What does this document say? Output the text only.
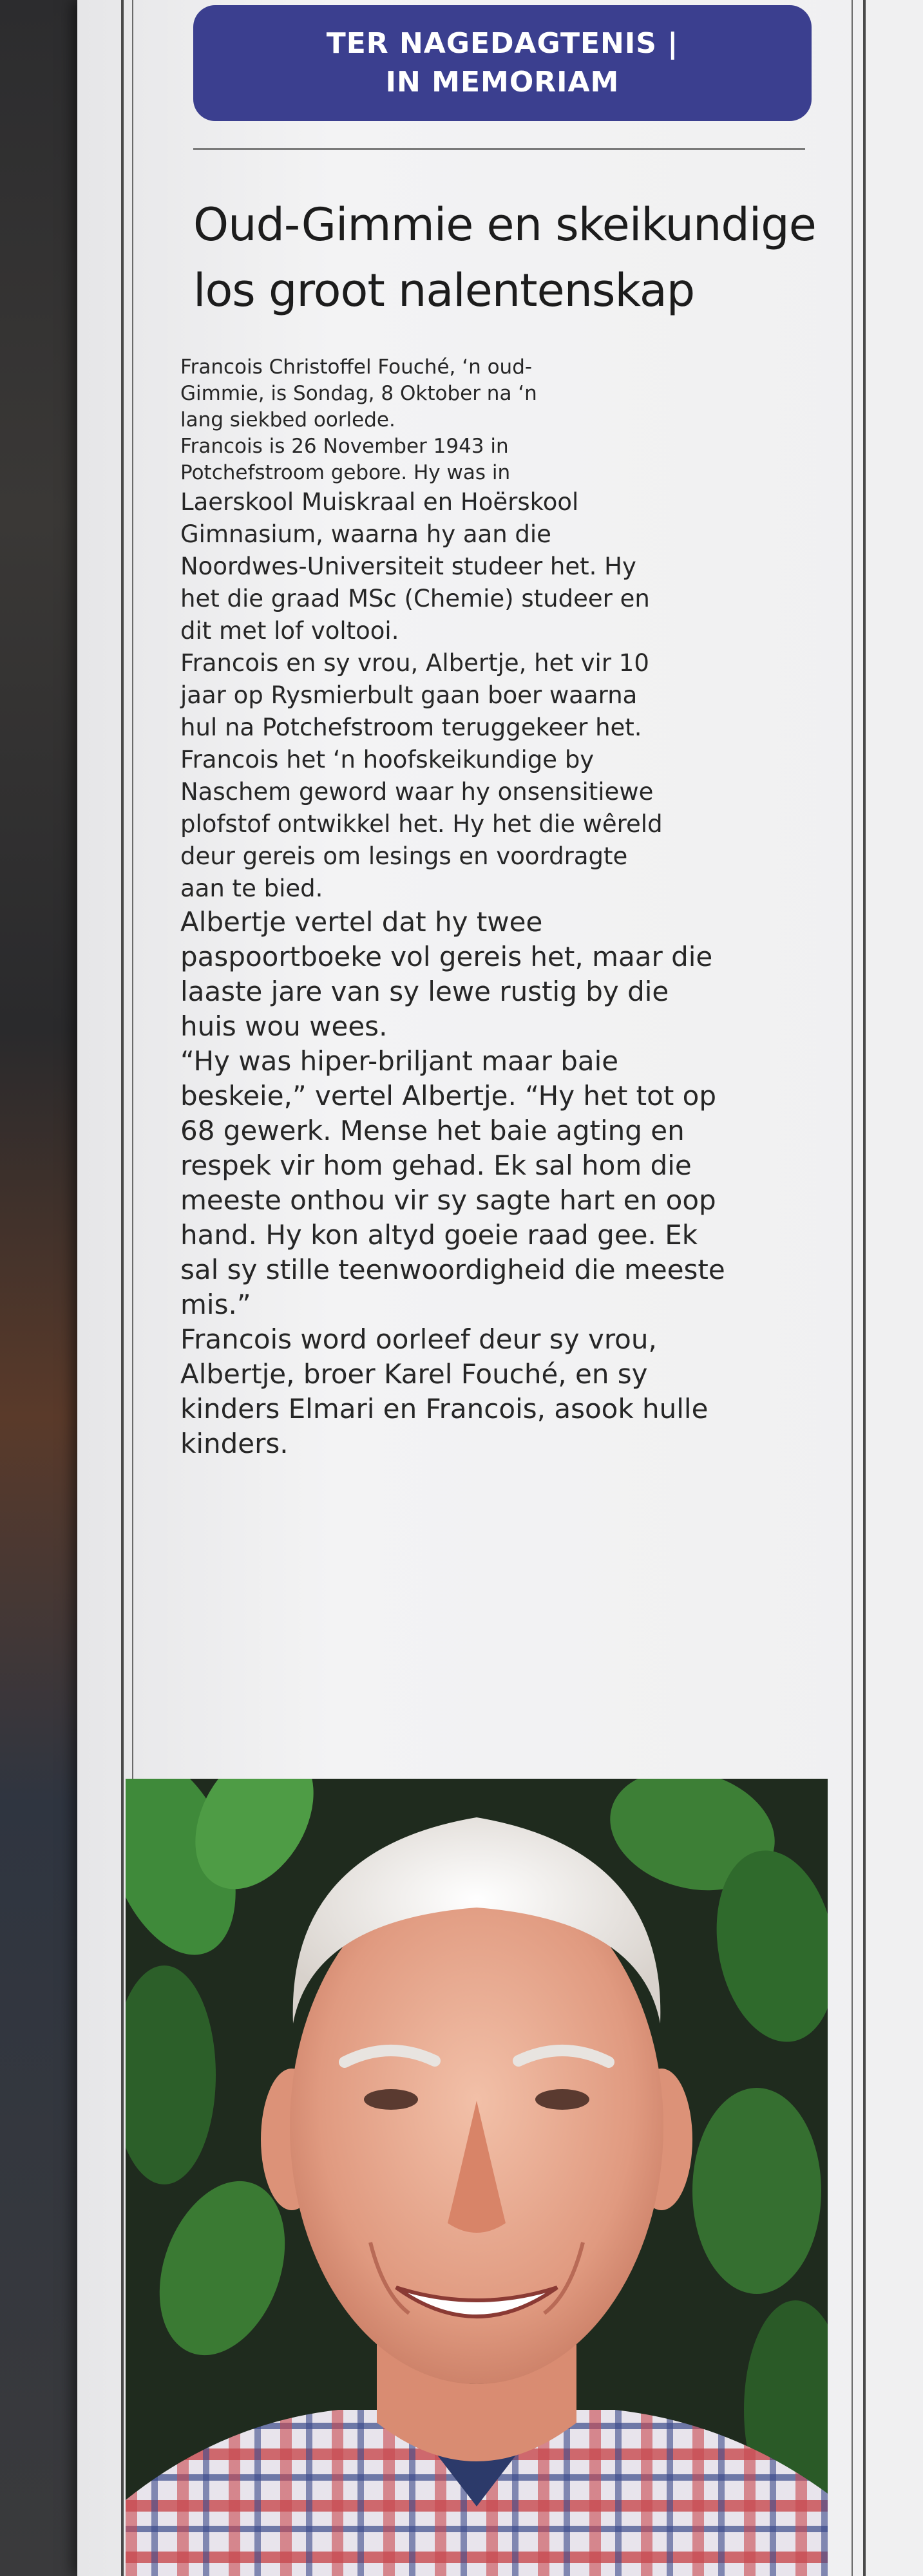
TER NAGEDAGTENIS |
IN MEMORIAM
Oud-Gimmie en skeikundige
los groot nalentenskap
Francois Christoffel Fouché, ‘n oud-
Gimmie, is Sondag, 8 Oktober na ‘n
lang siekbed oorlede.
Francois is 26 November 1943 in
Potchefstroom gebore. Hy was in
Laerskool Muiskraal en Hoërskool
Gimnasium, waarna hy aan die
Noordwes-Universiteit studeer het. Hy
het die graad MSc (Chemie) studeer en
dit met lof voltooi.
Francois en sy vrou, Albertje, het vir 10
jaar op Rysmierbult gaan boer waarna
hul na Potchefstroom teruggekeer het.
Francois het ‘n hoofskeikundige by
Naschem geword waar hy onsensitiewe
plofstof ontwikkel het. Hy het die wêreld
deur gereis om lesings en voordragte
aan te bied.
Albertje vertel dat hy twee
paspoortboeke vol gereis het, maar die
laaste jare van sy lewe rustig by die
huis wou wees.
“Hy was hiper-briljant maar baie
beskeie,” vertel Albertje. “Hy het tot op
68 gewerk. Mense het baie agting en
respek vir hom gehad. Ek sal hom die
meeste onthou vir sy sagte hart en oop
hand. Hy kon altyd goeie raad gee. Ek
sal sy stille teenwoordigheid die meeste
mis.”
Francois word oorleef deur sy vrou,
Albertje, broer Karel Fouché, en sy
kinders Elmari en Francois, asook hulle
kinders.
